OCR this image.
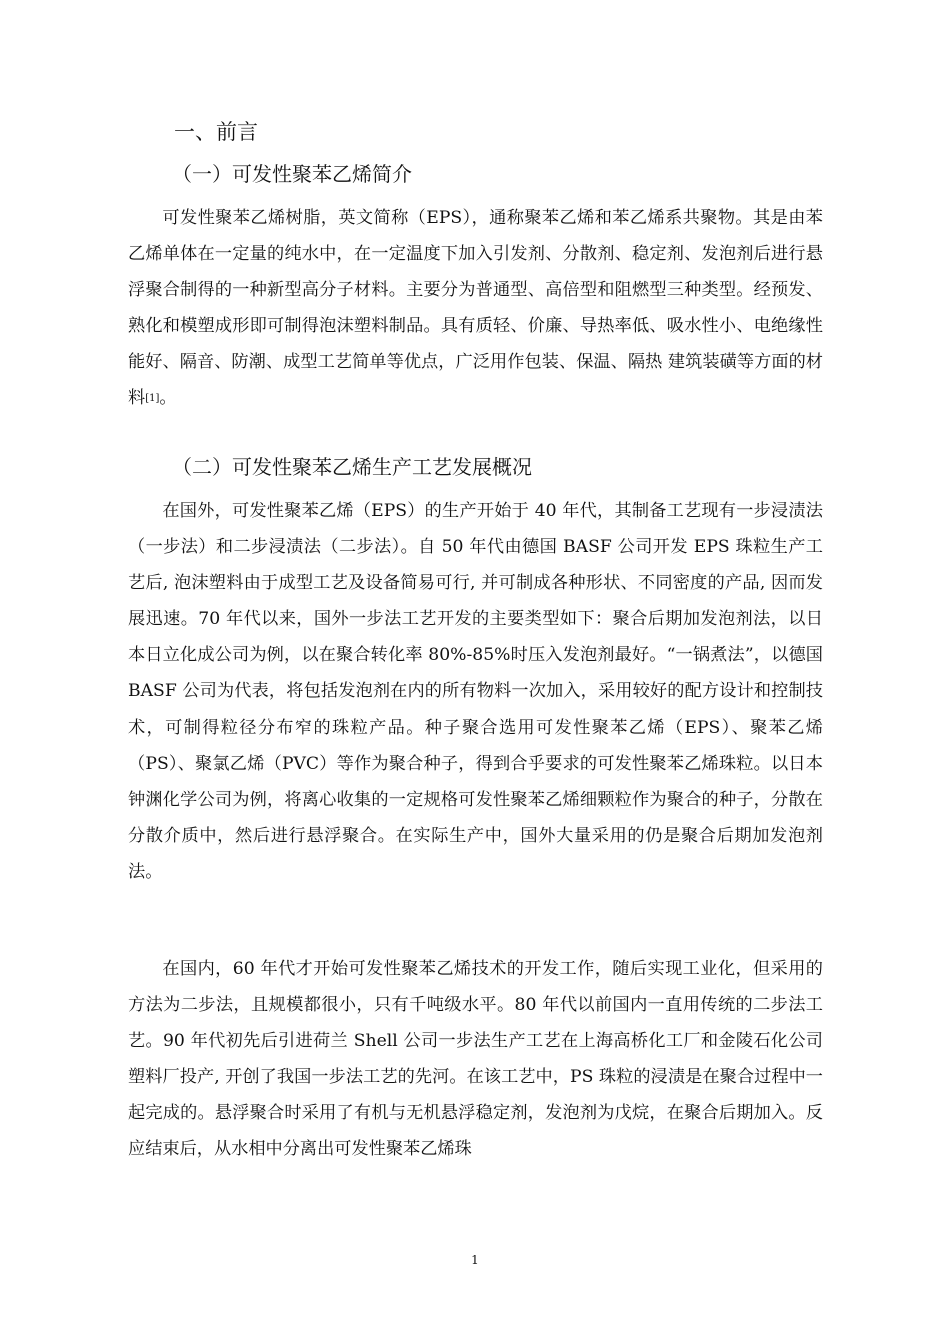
一、前言
（一）可发性聚苯乙烯简介

可发性聚苯乙烯树脂，英文简称（EPS），通称聚苯乙烯和苯乙烯系共聚物。其是由苯乙烯单体在一定量的纯水中，在一定温度下加入引发剂、分散剂、稳定剂、发泡剂后进行悬浮聚合制得的一种新型高分子材料。主要分为普通型、高倍型和阻燃型三种类型。经预发、熟化和模塑成形即可制得泡沫塑料制品。具有质轻、价廉、导热率低、吸水性小、电绝缘性能好、隔音、防潮、成型工艺简单等优点，广泛用作包装、保温、隔热 建筑装磺等方面的材料[1]。

（二）可发性聚苯乙烯生产工艺发展概况

在国外，可发性聚苯乙烯（EPS）的生产开始于 40 年代，其制备工艺现有一步浸渍法（一步法）和二步浸渍法（二步法）。自 50 年代由德国 BASF 公司开发 EPS 珠粒生产工艺后, 泡沫塑料由于成型工艺及设备简易可行, 并可制成各种形状、不同密度的产品, 因而发展迅速。70 年代以来，国外一步法工艺开发的主要类型如下：聚合后期加发泡剂法，以日本日立化成公司为例，以在聚合转化率 80%-85%时压入发泡剂最好。“一锅煮法”，以德国 BASF 公司为代表，将包括发泡剂在内的所有物料一次加入，采用较好的配方设计和控制技术，可制得粒径分布窄的珠粒产品。种子聚合选用可发性聚苯乙烯（EPS）、聚苯乙烯（PS）、聚氯乙烯（PVC）等作为聚合种子，得到合乎要求的可发性聚苯乙烯珠粒。以日本钟渊化学公司为例，将离心收集的一定规格可发性聚苯乙烯细颗粒作为聚合的种子，分散在分散介质中，然后进行悬浮聚合。在实际生产中，国外大量采用的仍是聚合后期加发泡剂法。

在国内，60 年代才开始可发性聚苯乙烯技术的开发工作，随后实现工业化，但采用的方法为二步法，且规模都很小，只有千吨级水平。80 年代以前国内一直用传统的二步法工艺。90 年代初先后引进荷兰 Shell 公司一步法生产工艺在上海高桥化工厂和金陵石化公司塑料厂投产, 开创了我国一步法工艺的先河。在该工艺中，PS 珠粒的浸渍是在聚合过程中一起完成的。悬浮聚合时采用了有机与无机悬浮稳定剂，发泡剂为戊烷，在聚合后期加入。反应结束后，从水相中分离出可发性聚苯乙烯珠

1
